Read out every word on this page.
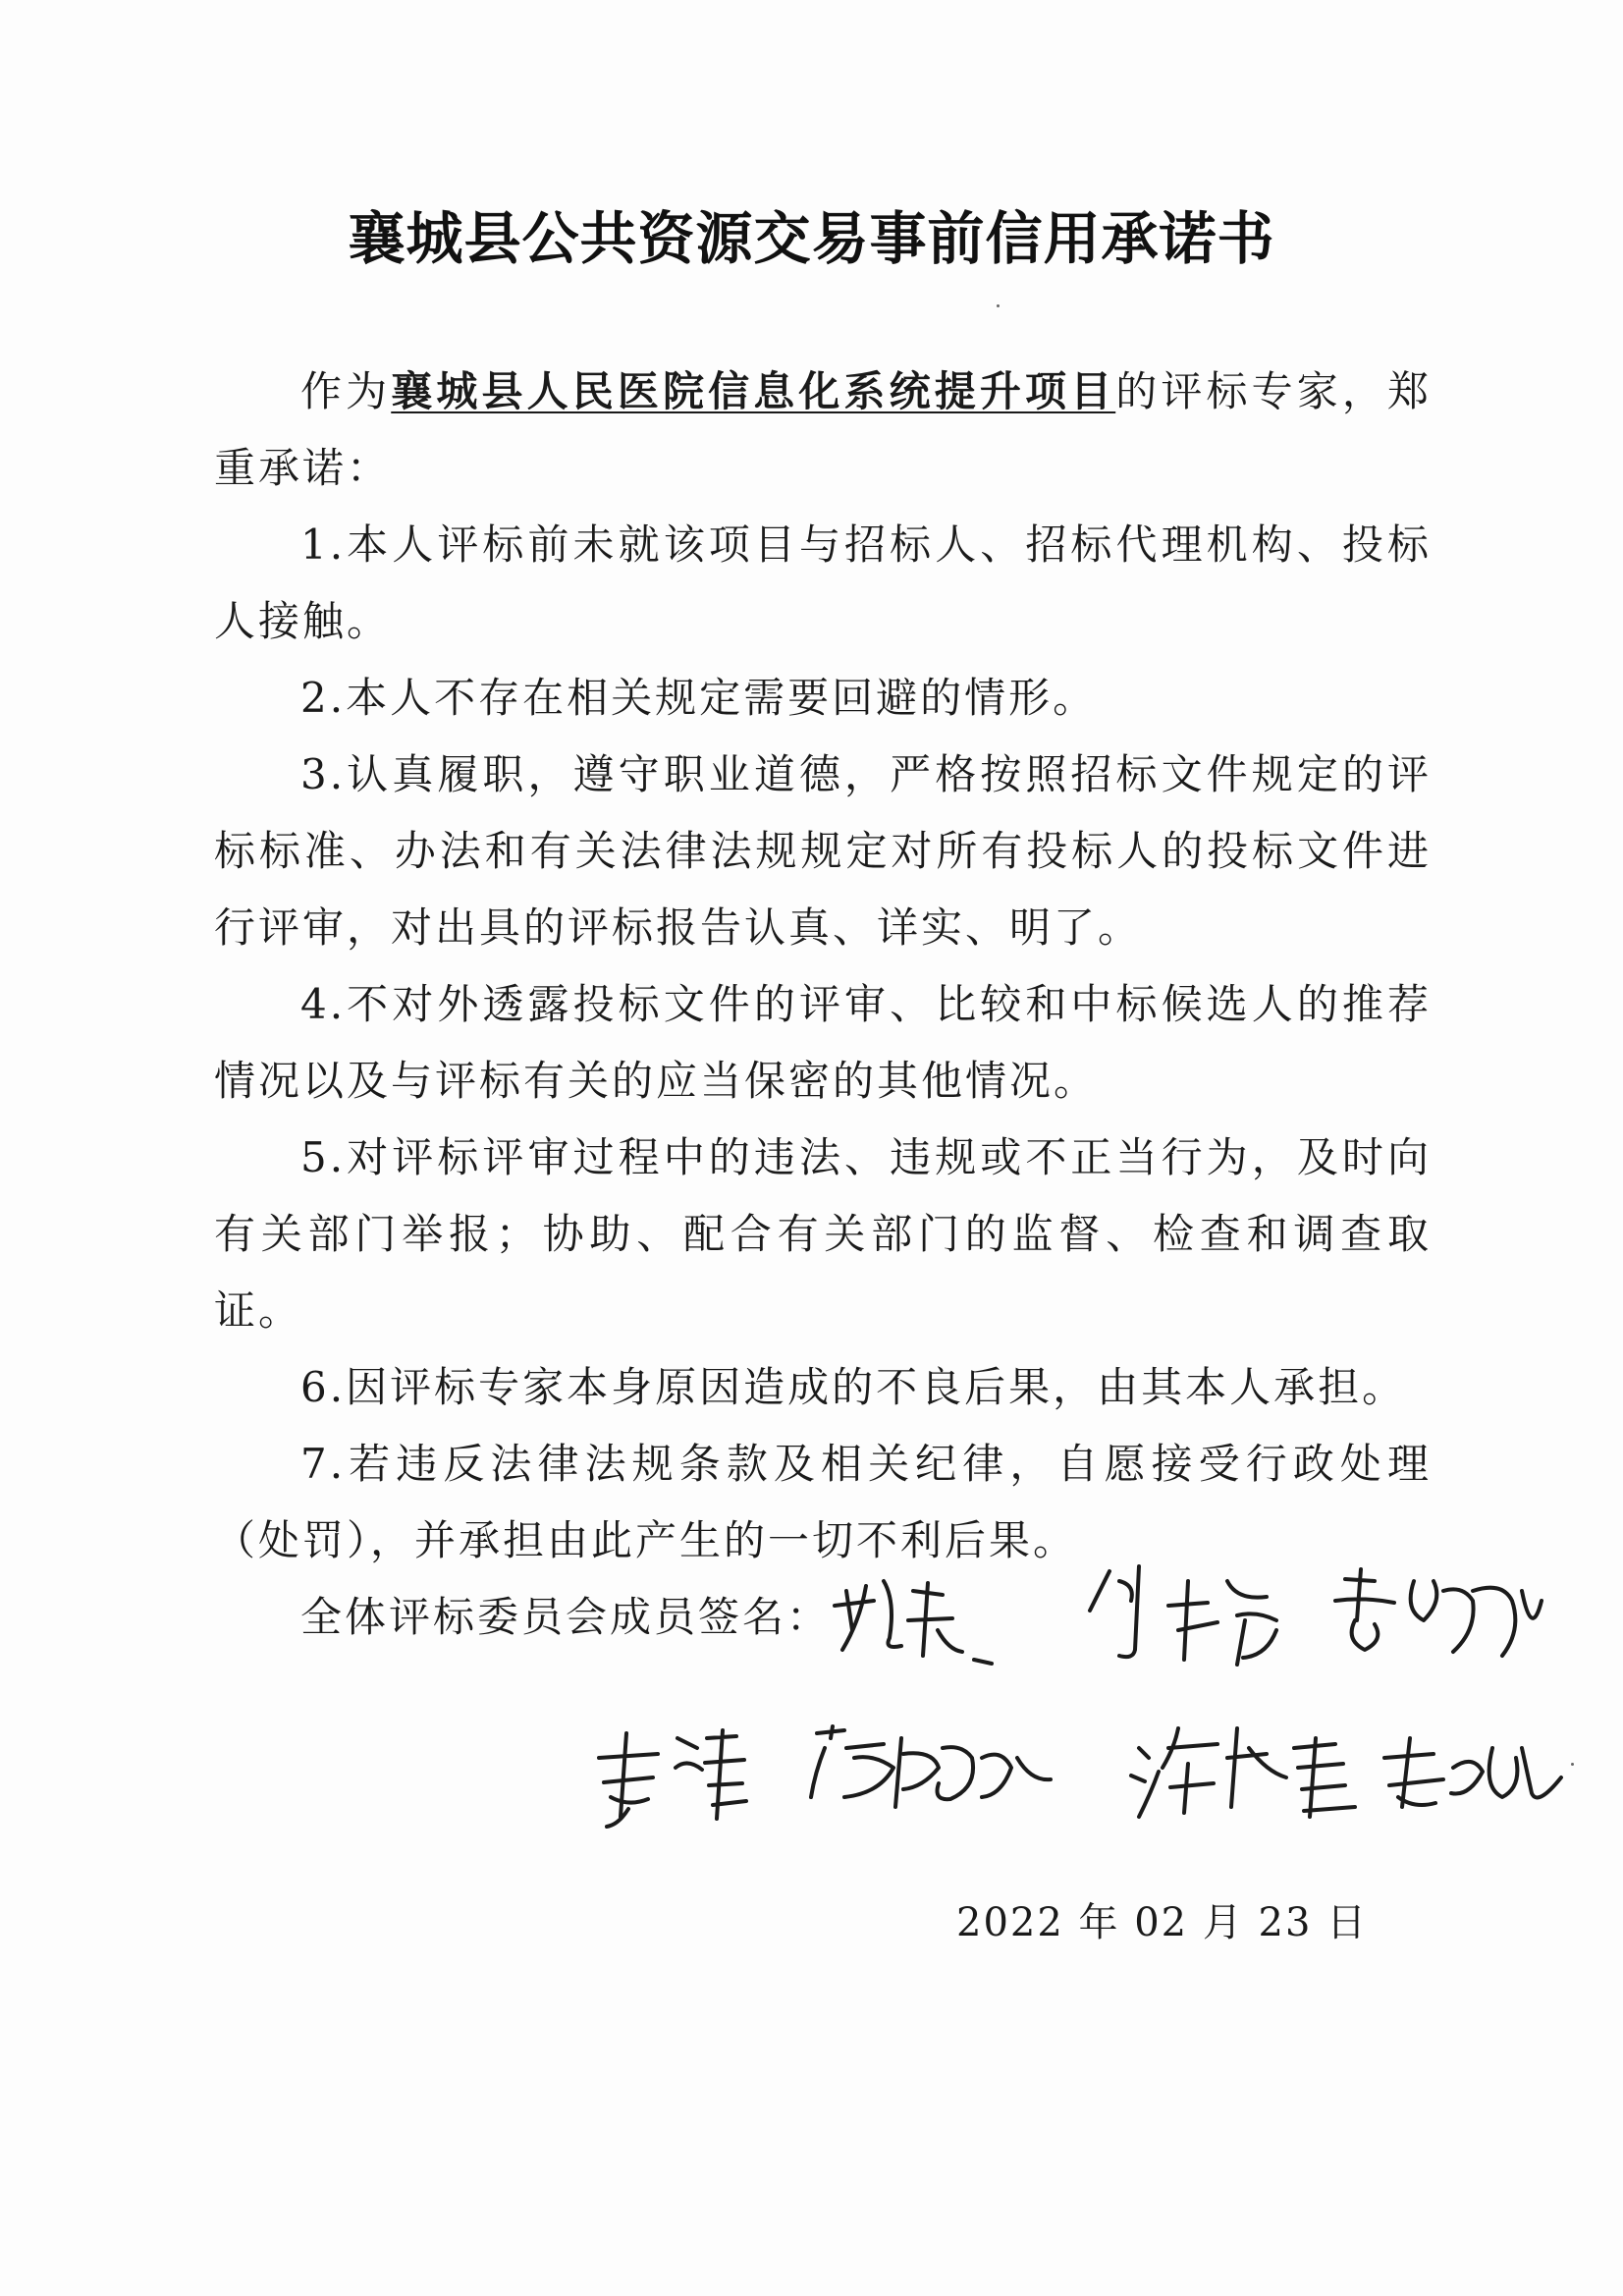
襄城县公共资源交易事前信用承诺书

作为襄城县人民医院信息化系统提升项目的评标专家，郑重承诺：

1.本人评标前未就该项目与招标人、招标代理机构、投标人接触。

2.本人不存在相关规定需要回避的情形。

3.认真履职，遵守职业道德，严格按照招标文件规定的评标标准、办法和有关法律法规规定对所有投标人的投标文件进行评审，对出具的评标报告认真、详实、明了。

4.不对外透露投标文件的评审、比较和中标候选人的推荐情况以及与评标有关的应当保密的其他情况。

5.对评标评审过程中的违法、违规或不正当行为，及时向有关部门举报；协助、配合有关部门的监督、检查和调查取证。

6.因评标专家本身原因造成的不良后果，由其本人承担。

7.若违反法律法规条款及相关纪律，自愿接受行政处理（处罚），并承担由此产生的一切不利后果。

全体评标委员会成员签名：
2022 年 02 月 23 日
